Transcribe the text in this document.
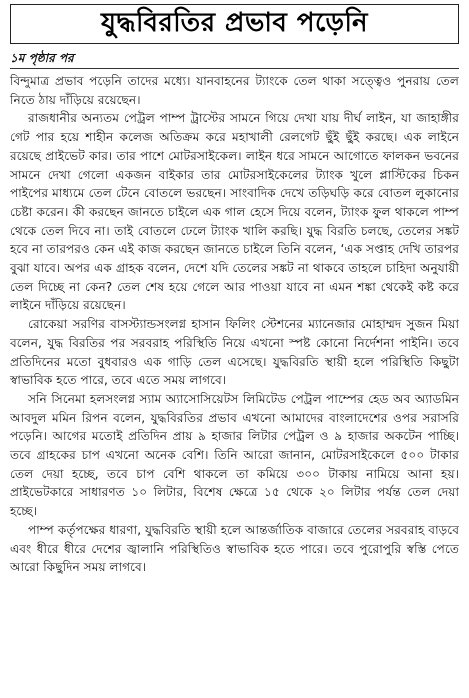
যুদ্ধবিরতির প্রভাব পড়েনি
১ম পৃষ্ঠার পর

বিন্দুমাত্র প্রভাব পড়েনি তাদের মধ্যে। যানবাহনের ট্যাংকে তেল থাকা সত্ত্বেও পুনরায় তেল নিতে ঠায় দাঁড়িয়ে রয়েছেন।

রাজধানীর অন্যতম পেট্রল পাম্প ট্রাস্টের সামনে গিয়ে দেখা যায় দীর্ঘ লাইন, যা জাহাঙ্গীর গেট পার হয়ে শাহীন কলেজ অতিক্রম করে মহাখালী রেলগেট ছুঁই ছুঁই করছে। এক লাইনে রয়েছে প্রাইভেট কার। তার পাশে মোটরসাইকেল। লাইন ধরে সামনে আগোতে ফালকন ভবনের সামনে দেখা গেলো একজন বাইকার তার মোটরসাইকেলের ট্যাংক খুলে প্লাস্টিকের চিকন পাইপের মাধ্যমে তেল টেনে বোতলে ভরছেন। সাংবাদিক দেখে তড়িঘড়ি করে বোতল লুকানোর চেষ্টা করেন। কী করছেন জানতে চাইলে এক গাল হেসে দিয়ে বলেন, ট্যাংক ফুল থাকলে পাম্প থেকে তেল দিবে না। তাই বোতলে ঢেলে ট্যাংক খালি করছি। যুদ্ধ বিরতি চলছে, তেলের সঙ্কট হবে না তারপরও কেন এই কাজ করছেন জানতে চাইলে তিনি বলেন, ‘এক সপ্তাহ দেখি তারপর বুঝা যাবে। অপর এক গ্রাহক বলেন, দেশে যদি তেলের সঙ্কট না থাকবে তাহলে চাহিদা অনুযায়ী তেল দিচ্ছে না কেন? তেল শেষ হয়ে গেলে আর পাওয়া যাবে না এমন শঙ্কা থেকেই কষ্ট করে লাইনে দাঁড়িয়ে রয়েছেন।

রোকেয়া সরণির বাসস্ট্যান্ডসংলগ্ন হাসান ফিলিং স্টেশনের ম্যানেজার মোহাম্মদ সুজন মিয়া বলেন, যুদ্ধ বিরতির পর সরবরাহ পরিস্থিতি নিয়ে এখনো স্পষ্ট কোনো নির্দেশনা পাইনি। তবে প্রতিদিনের মতো বুধবারও এক গাড়ি তেল এসেছে। যুদ্ধবিরতি স্থায়ী হলে পরিস্থিতি কিছুটা স্বাভাবিক হতে পারে, তবে এতে সময় লাগবে।

সনি সিনেমা হলসংলগ্ন স্যাম অ্যাসোসিয়েটস লিমিটেড পেট্রল পাম্পের হেড অব অ্যাডমিন আবদুল মমিন রিপন বলেন, যুদ্ধবিরতির প্রভাব এখনো আমাদের বাংলাদেশের ওপর সরাসরি পড়েনি। আগের মতোই প্রতিদিন প্রায় ৯ হাজার লিটার পেট্রল ও ৯ হাজার অকটেন পাচ্ছি। তবে গ্রাহকের চাপ এখনো অনেক বেশি। তিনি আরো জানান, মোটরসাইকেলে ৫০০ টাকার তেল দেয়া হচ্ছে, তবে চাপ বেশি থাকলে তা কমিয়ে ৩০০ টাকায় নামিয়ে আনা হয়। প্রাইভেটকারে সাধারণত ১০ লিটার, বিশেষ ক্ষেত্রে ১৫ থেকে ২০ লিটার পর্যন্ত তেল দেয়া হচ্ছে।

পাম্প কর্তৃপক্ষের ধারণা, যুদ্ধবিরতি স্থায়ী হলে আন্তর্জাতিক বাজারে তেলের সরবরাহ বাড়বে এবং ধীরে ধীরে দেশের জ্বালানি পরিস্থিতিও স্বাভাবিক হতে পারে। তবে পুরোপুরি স্বস্তি পেতে আরো কিছুদিন সময় লাগবে।
